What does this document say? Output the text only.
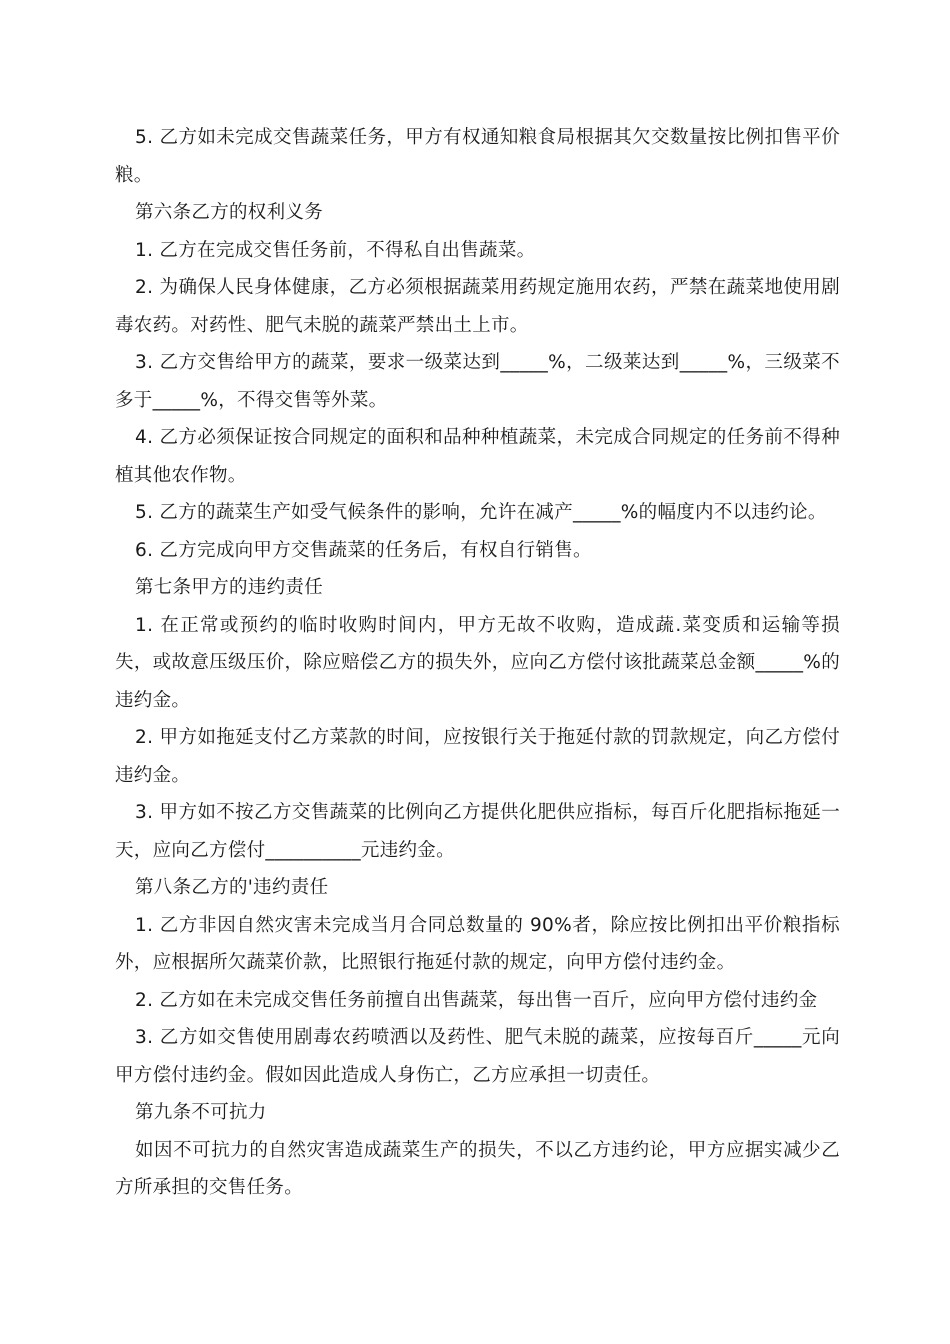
5. 乙方如未完成交售蔬菜任务，甲方有权通知粮食局根据其欠交数量按比例扣售平价粮。

第六条乙方的权利义务

1. 乙方在完成交售任务前，不得私自出售蔬菜。

2. 为确保人民身体健康，乙方必须根据蔬菜用药规定施用农药，严禁在蔬菜地使用剧毒农药。对药性、肥气未脱的蔬菜严禁出土上市。

3. 乙方交售给甲方的蔬菜，要求一级菜达到_____%，二级莱达到_____%，三级菜不多于_____%，不得交售等外菜。

4. 乙方必须保证按合同规定的面积和品种种植蔬菜，未完成合同规定的任务前不得种植其他农作物。

5. 乙方的蔬菜生产如受气候条件的影响，允许在减产_____%的幅度内不以违约论。

6. 乙方完成向甲方交售蔬菜的任务后，有权自行销售。

第七条甲方的违约责任

1. 在正常或预约的临时收购时间内，甲方无故不收购，造成蔬.菜变质和运输等损失，或故意压级压价，除应赔偿乙方的损失外，应向乙方偿付该批蔬菜总金额_____%的违约金。

2. 甲方如拖延支付乙方菜款的时间，应按银行关于拖延付款的罚款规定，向乙方偿付违约金。

3. 甲方如不按乙方交售蔬菜的比例向乙方提供化肥供应指标，每百斤化肥指标拖延一天，应向乙方偿付__________元违约金。

第八条乙方的'违约责任

1. 乙方非因自然灾害未完成当月合同总数量的 90%者，除应按比例扣出平价粮指标外，应根据所欠蔬菜价款，比照银行拖延付款的规定，向甲方偿付违约金。

2. 乙方如在未完成交售任务前擅自出售蔬菜，每出售一百斤，应向甲方偿付违约金

3. 乙方如交售使用剧毒农药喷洒以及药性、肥气未脱的蔬菜，应按每百斤_____元向甲方偿付违约金。假如因此造成人身伤亡，乙方应承担一切责任。

第九条不可抗力

如因不可抗力的自然灾害造成蔬菜生产的损失，不以乙方违约论，甲方应据实减少乙方所承担的交售任务。
